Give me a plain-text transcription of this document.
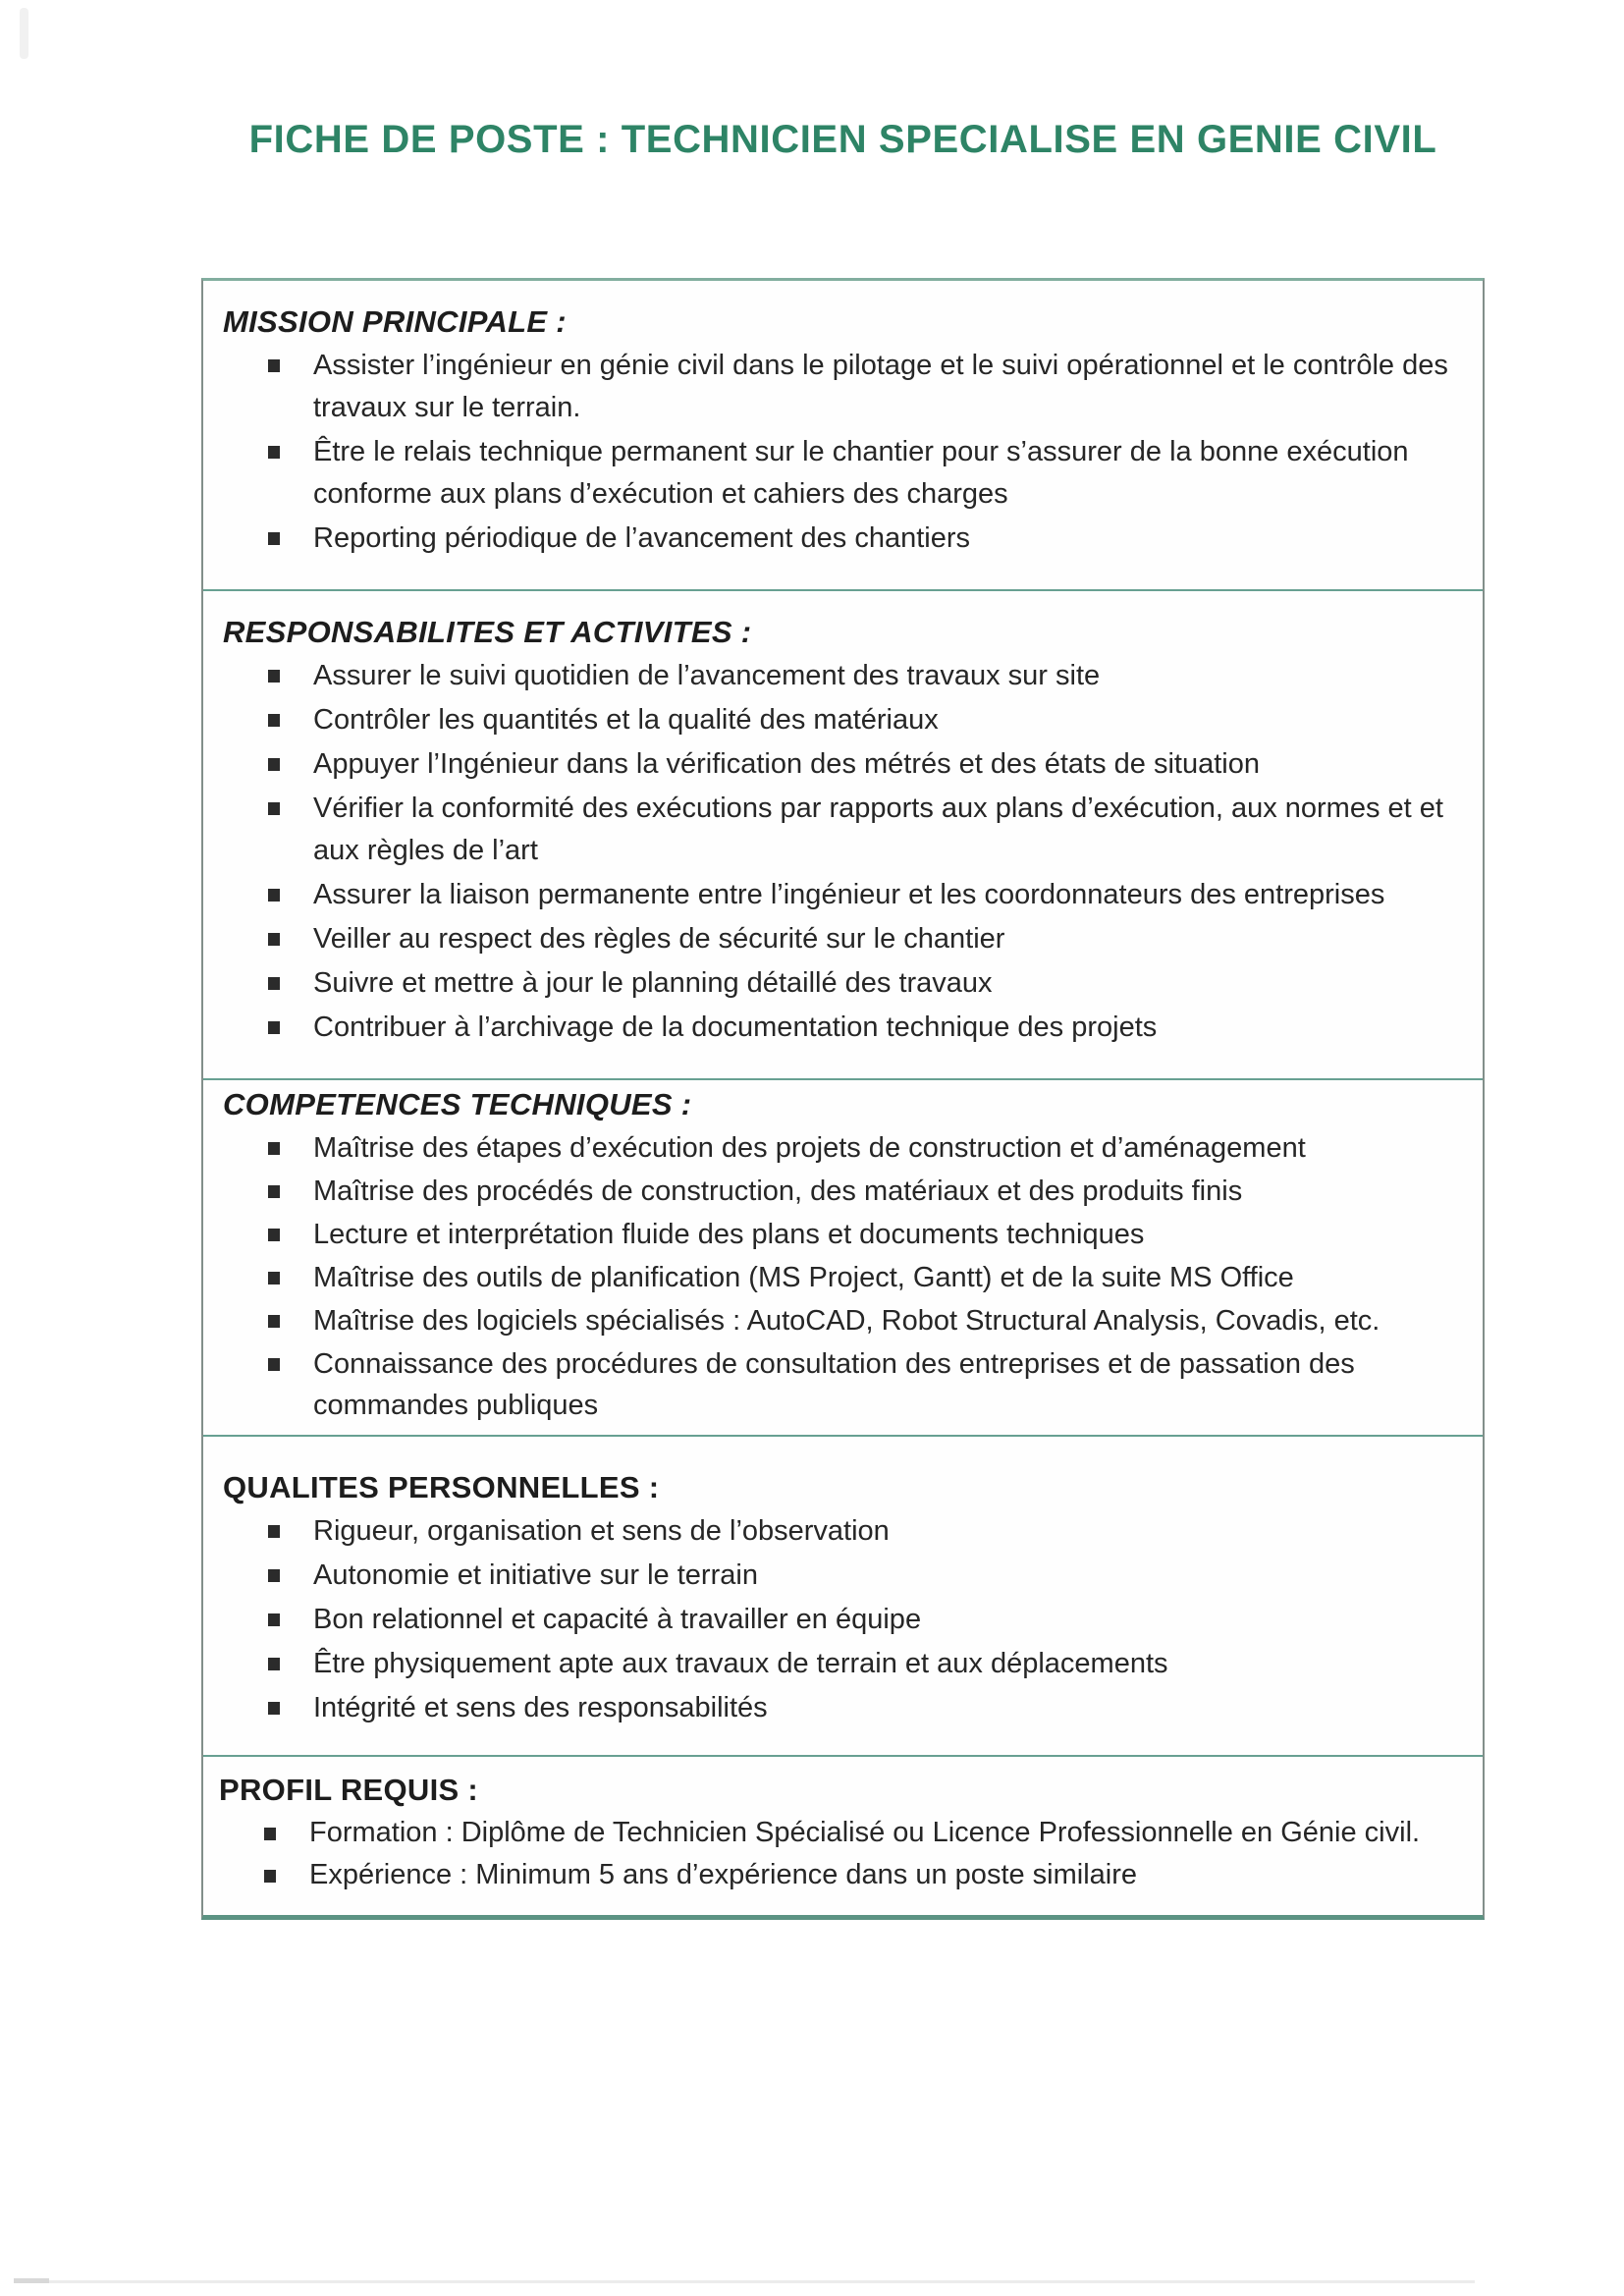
FICHE DE POSTE : TECHNICIEN SPECIALISE EN GENIE CIVIL
MISSION PRINCIPALE :
Assister l’ingénieur en génie civil dans le pilotage et le suivi opérationnel et le contrôle des travaux sur le terrain.
Être le relais technique permanent sur le chantier pour s’assurer de la bonne exécution conforme aux plans d’exécution et cahiers des charges
Reporting périodique de l’avancement des chantiers
RESPONSABILITES ET ACTIVITES :
Assurer le suivi quotidien de l’avancement des travaux sur site
Contrôler les quantités et la qualité des matériaux
Appuyer l’Ingénieur dans la vérification des métrés et des états de situation
Vérifier la conformité des exécutions par rapports aux plans d’exécution, aux normes et et aux règles de l’art
Assurer la liaison permanente entre l’ingénieur et les coordonnateurs des entreprises
Veiller au respect des règles de sécurité sur le chantier
Suivre et mettre à jour le planning détaillé des travaux
Contribuer à l’archivage de la documentation technique des projets
COMPETENCES TECHNIQUES :
Maîtrise des étapes d’exécution des projets de construction et d’aménagement
Maîtrise des procédés de construction, des matériaux et des produits finis
Lecture et interprétation fluide des plans et documents techniques
Maîtrise des outils de planification (MS Project, Gantt) et de la suite MS Office
Maîtrise des logiciels spécialisés : AutoCAD, Robot Structural Analysis, Covadis, etc.
Connaissance des procédures de consultation des entreprises et de passation des commandes publiques
QUALITES PERSONNELLES :
Rigueur, organisation et sens de l’observation
Autonomie et initiative sur le terrain
Bon relationnel et capacité à travailler en équipe
Être physiquement apte aux travaux de terrain et aux déplacements
Intégrité et sens des responsabilités
PROFIL REQUIS :
Formation : Diplôme de Technicien Spécialisé ou Licence Professionnelle en Génie civil.
Expérience : Minimum 5 ans d’expérience dans un poste similaire
